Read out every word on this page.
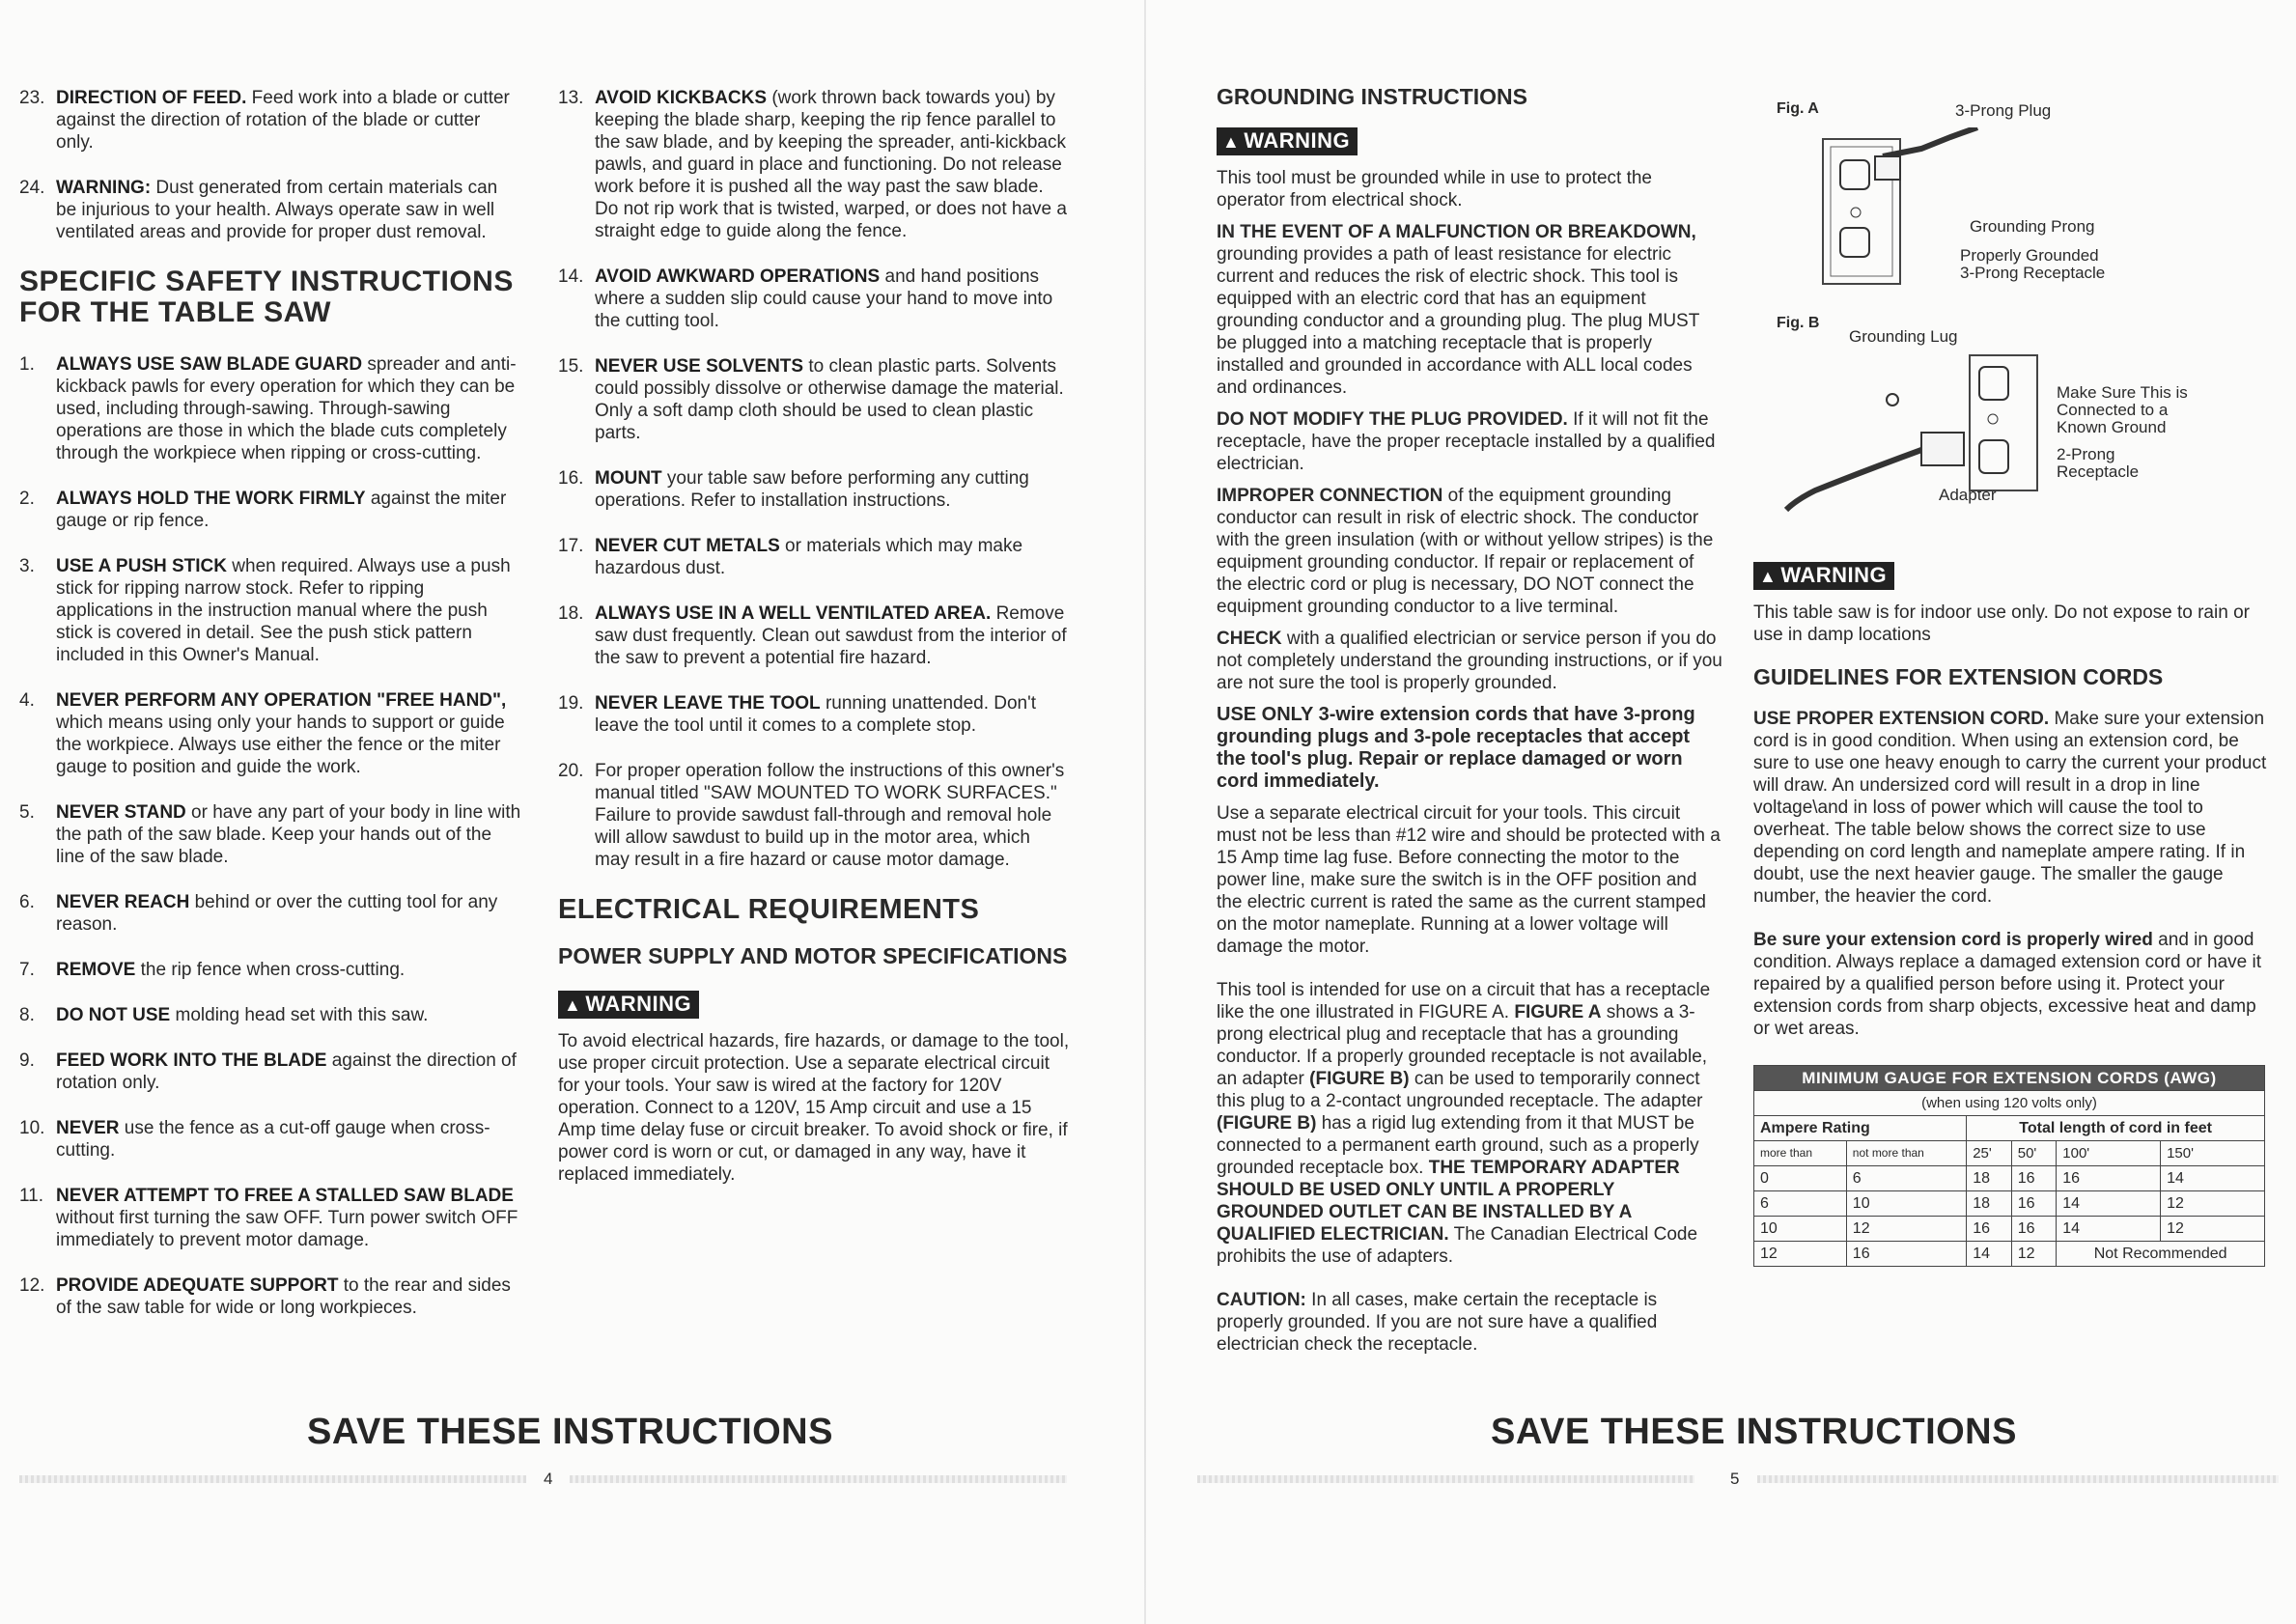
23. DIRECTION OF FEED. Feed work into a blade or cutter against the direction of rotation of the blade or cutter only.
24. WARNING: Dust generated from certain materials can be injurious to your health. Always operate saw in well ventilated areas and provide for proper dust removal.
SPECIFIC SAFETY INSTRUCTIONS
FOR THE TABLE SAW
1. ALWAYS USE SAW BLADE GUARD spreader and anti-kickback pawls for every operation for which they can be used, including through-sawing. Through-sawing operations are those in which the blade cuts completely through the workpiece when ripping or cross-cutting.
2. ALWAYS HOLD THE WORK FIRMLY against the miter gauge or rip fence.
3. USE A PUSH STICK when required. Always use a push stick for ripping narrow stock. Refer to ripping applications in the instruction manual where the push stick is covered in detail. See the push stick pattern included in this Owner's Manual.
4. NEVER PERFORM ANY OPERATION "FREE HAND", which means using only your hands to support or guide the workpiece. Always use either the fence or the miter gauge to position and guide the work.
5. NEVER STAND or have any part of your body in line with the path of the saw blade. Keep your hands out of the line of the saw blade.
6. NEVER REACH behind or over the cutting tool for any reason.
7. REMOVE the rip fence when cross-cutting.
8. DO NOT USE molding head set with this saw.
9. FEED WORK INTO THE BLADE against the direction of rotation only.
10. NEVER use the fence as a cut-off gauge when cross-cutting.
11. NEVER ATTEMPT TO FREE A STALLED SAW BLADE without first turning the saw OFF. Turn power switch OFF immediately to prevent motor damage.
12. PROVIDE ADEQUATE SUPPORT to the rear and sides of the saw table for wide or long workpieces.
13. AVOID KICKBACKS (work thrown back towards you) by keeping the blade sharp, keeping the rip fence parallel to the saw blade, and by keeping the spreader, anti-kickback pawls, and guard in place and functioning. Do not release work before it is pushed all the way past the saw blade. Do not rip work that is twisted, warped, or does not have a straight edge to guide along the fence.
14. AVOID AWKWARD OPERATIONS and hand positions where a sudden slip could cause your hand to move into the cutting tool.
15. NEVER USE SOLVENTS to clean plastic parts. Solvents could possibly dissolve or otherwise damage the material. Only a soft damp cloth should be used to clean plastic parts.
16. MOUNT your table saw before performing any cutting operations. Refer to installation instructions.
17. NEVER CUT METALS or materials which may make hazardous dust.
18. ALWAYS USE IN A WELL VENTILATED AREA. Remove saw dust frequently. Clean out sawdust from the interior of the saw to prevent a potential fire hazard.
19. NEVER LEAVE THE TOOL running unattended. Don't leave the tool until it comes to a complete stop.
20. For proper operation follow the instructions of this owner's manual titled "SAW MOUNTED TO WORK SURFACES." Failure to provide sawdust fall-through and removal hole will allow sawdust to build up in the motor area, which may result in a fire hazard or cause motor damage.
ELECTRICAL REQUIREMENTS
POWER SUPPLY AND MOTOR SPECIFICATIONS
▲ WARNING
To avoid electrical hazards, fire hazards, or damage to the tool, use proper circuit protection. Use a separate electrical circuit for your tools. Your saw is wired at the factory for 120V operation. Connect to a 120V, 15 Amp circuit and use a 15 Amp time delay fuse or circuit breaker. To avoid shock or fire, if power cord is worn or cut, or damaged in any way, have it replaced immediately.
SAVE THESE INSTRUCTIONS
4
GROUNDING INSTRUCTIONS
▲ WARNING
This tool must be grounded while in use to protect the operator from electrical shock.
IN THE EVENT OF A MALFUNCTION OR BREAKDOWN, grounding provides a path of least resistance for electric current and reduces the risk of electric shock. This tool is equipped with an electric cord that has an equipment grounding conductor and a grounding plug. The plug MUST be plugged into a matching receptacle that is properly installed and grounded in accordance with ALL local codes and ordinances.
DO NOT MODIFY THE PLUG PROVIDED. If it will not fit the receptacle, have the proper receptacle installed by a qualified electrician.
IMPROPER CONNECTION of the equipment grounding conductor can result in risk of electric shock. The conductor with the green insulation (with or without yellow stripes) is the equipment grounding conductor. If repair or replacement of the electric cord or plug is necessary, DO NOT connect the equipment grounding conductor to a live terminal.
CHECK with a qualified electrician or service person if you do not completely understand the grounding instructions, or if you are not sure the tool is properly grounded.
USE ONLY 3-wire extension cords that have 3-prong grounding plugs and 3-pole receptacles that accept the tool's plug. Repair or replace damaged or worn cord immediately.
Use a separate electrical circuit for your tools. This circuit must not be less than #12 wire and should be protected with a 15 Amp time lag fuse. Before connecting the motor to the power line, make sure the switch is in the OFF position and the electric current is rated the same as the current stamped on the motor nameplate. Running at a lower voltage will damage the motor.
This tool is intended for use on a circuit that has a receptacle like the one illustrated in FIGURE A. FIGURE A shows a 3-prong electrical plug and receptacle that has a grounding conductor. If a properly grounded receptacle is not available, an adapter (FIGURE B) can be used to temporarily connect this plug to a 2-contact ungrounded receptacle. The adapter (FIGURE B) has a rigid lug extending from it that MUST be connected to a permanent earth ground, such as a properly grounded receptacle box. THE TEMPORARY ADAPTER SHOULD BE USED ONLY UNTIL A PROPERLY GROUNDED OUTLET CAN BE INSTALLED BY A QUALIFIED ELECTRICIAN. The Canadian Electrical Code prohibits the use of adapters.
CAUTION: In all cases, make certain the receptacle is properly grounded. If you are not sure have a qualified electrician check the receptacle.
Fig. A	3-Prong Plug
Grounding Prong
Properly Grounded 3-Prong Receptacle
Fig. B
Grounding Lug
Make Sure This is Connected to a Known Ground
2-Prong Receptacle
Adapter
▲ WARNING
This table saw is for indoor use only. Do not expose to rain or use in damp locations
GUIDELINES FOR EXTENSION CORDS
USE PROPER EXTENSION CORD. Make sure your extension cord is in good condition. When using an extension cord, be sure to use one heavy enough to carry the current your product will draw. An undersized cord will result in a drop in line voltage\and in loss of power which will cause the tool to overheat. The table below shows the correct size to use depending on cord length and nameplate ampere rating. If in doubt, use the next heavier gauge. The smaller the gauge number, the heavier the cord.
Be sure your extension cord is properly wired and in good condition. Always replace a damaged extension cord or have it repaired by a qualified person before using it. Protect your extension cords from sharp objects, excessive heat and damp or wet areas.
MINIMUM GAUGE FOR EXTENSION CORDS (AWG)					
(when using 120 volts only)					
Ampere Rating		Total length of cord in feet			
more than	not more than	25'	50'	100'	150'
0	6	18	16	16	14
6	10	18	16	14	12
10	12	16	16	14	12
12	16	14	12	Not Recommended	
SAVE THESE INSTRUCTIONS
5
